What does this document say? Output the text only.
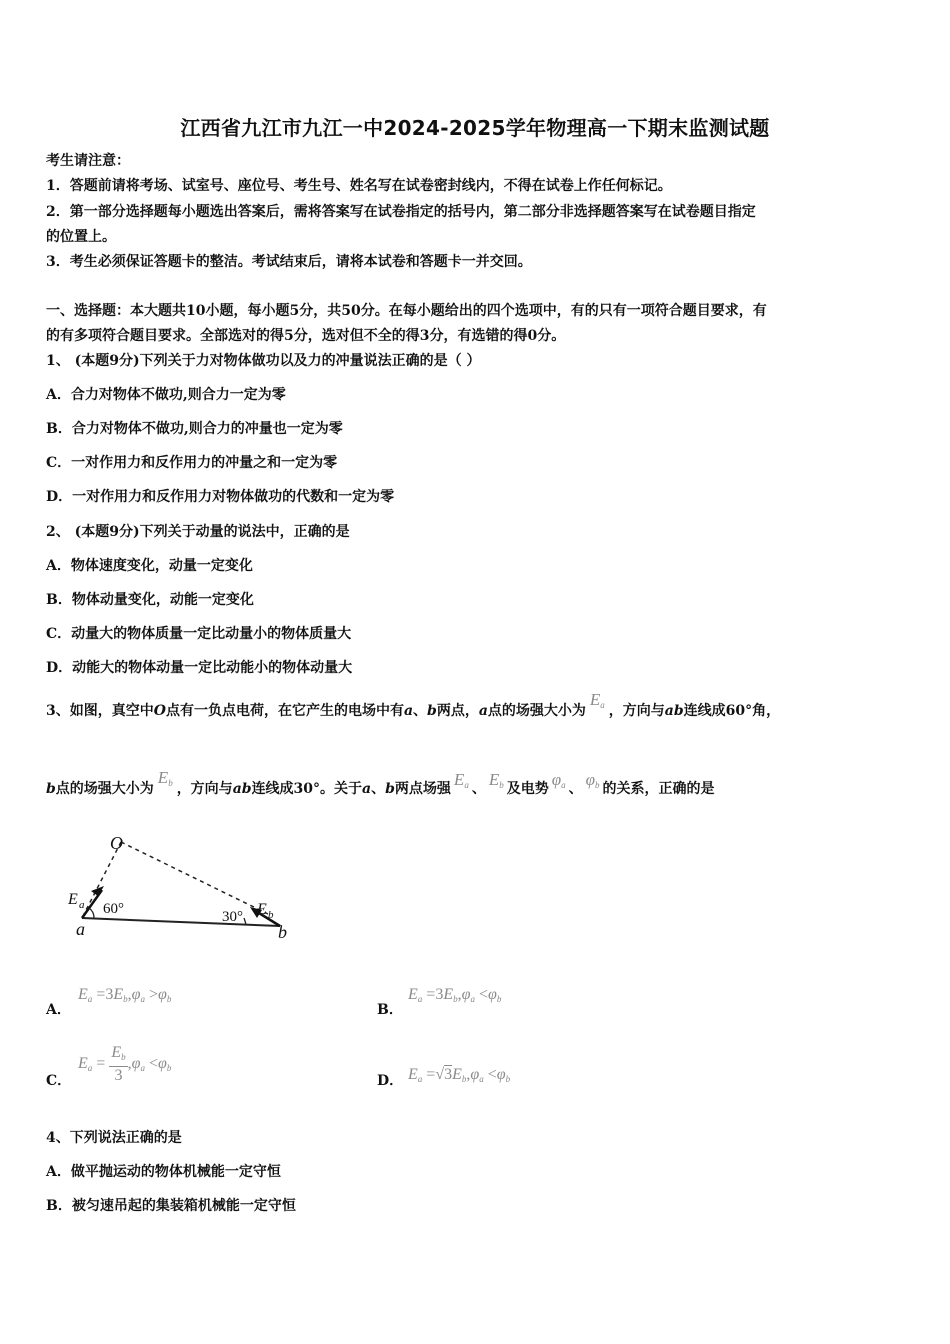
江西省九江市九江一中2024-2025学年物理高一下期末监测试题
考生请注意：
1．答题前请将考场、试室号、座位号、考生号、姓名写在试卷密封线内，不得在试卷上作任何标记。
2．第一部分选择题每小题选出答案后，需将答案写在试卷指定的括号内，第二部分非选择题答案写在试卷题目指定
的位置上。
3．考生必须保证答题卡的整洁。考试结束后，请将本试卷和答题卡一并交回。
一、选择题：本大题共10小题，每小题5分，共50分。在每小题给出的四个选项中，有的只有一项符合题目要求，有
的有多项符合题目要求。全部选对的得5分，选对但不全的得3分，有选错的得0分。
1、 (本题9分)下列关于力对物体做功以及力的冲量说法正确的是（ ）
A．合力对物体不做功,则合力一定为零
B．合力对物体不做功,则合力的冲量也一定为零
C．一对作用力和反作用力的冲量之和一定为零
D．一对作用力和反作用力对物体做功的代数和一定为零
2、 (本题9分)下列关于动量的说法中，正确的是
A．物体速度变化，动量一定变化
B．物体动量变化，动能一定变化
C．动量大的物体质量一定比动量小的物体质量大
D．动能大的物体动量一定比动能小的物体动量大
3、如图，真空中O点有一负点电荷，在它产生的电场中有a、b两点，a点的场强大小为$E_a$ ，方向与ab连线成60°角，
b点的场强大小为$E_b$ ，方向与ab连线成30°。关于a、b两点场强 $E_a$ 、 $E_b$ 及电势 $\varphi_a$ 、 $\varphi_b$ 的关系，正确的是
O
E a 60°	30° E b
a	b
A．
$E_a =3E_b,\varphi_a >\varphi_b$
B．
$E_a =3E_b,\varphi_a <\varphi_b$
C．
$E_a = \frac{E_b}{3} ,\varphi_a <\varphi_b$
D． $E_a =√3E_b,\varphi_a <\varphi_b$
4、下列说法正确的是
A．做平抛运动的物体机械能一定守恒
B．被匀速吊起的集装箱机械能一定守恒
